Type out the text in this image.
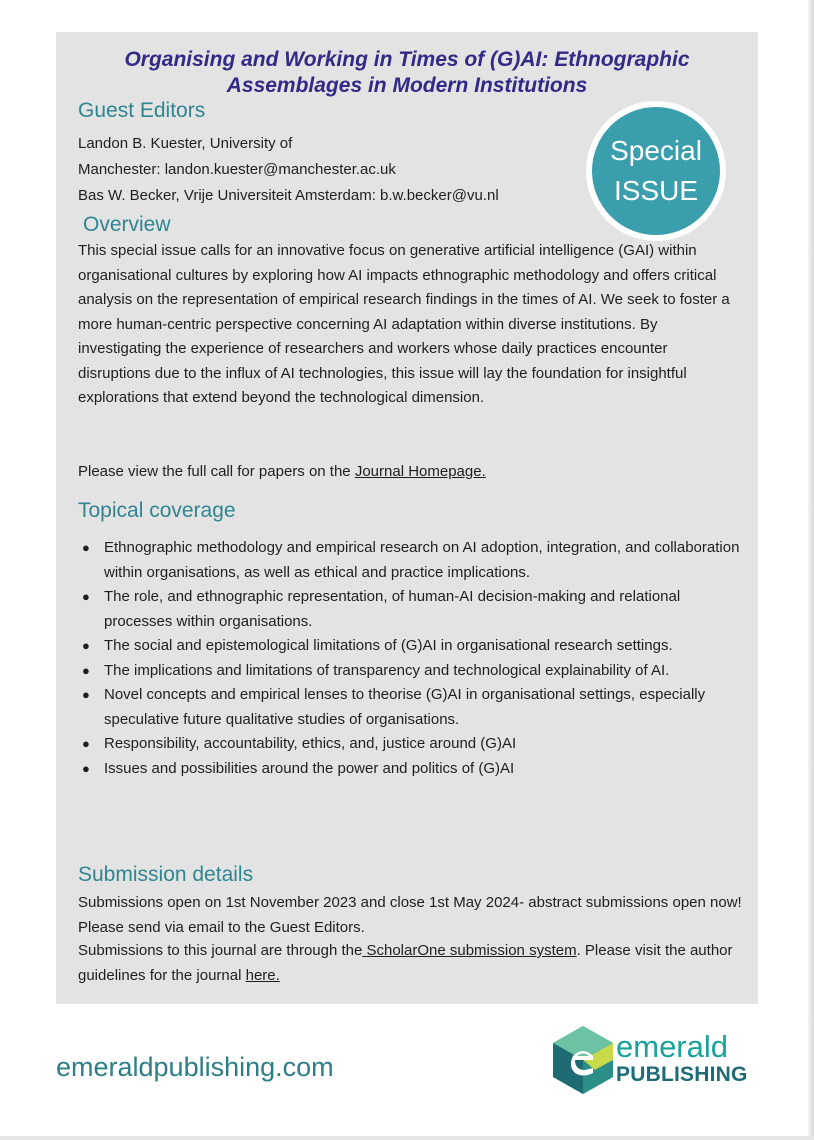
Organising and Working in Times of (G)AI: Ethnographic Assemblages in Modern Institutions
Guest Editors

Landon B. Kuester, University of

Manchester: landon.kuester@manchester.ac.uk

Bas W. Becker, Vrije Universiteit Amsterdam: b.w.becker@vu.nl

Special
ISSUE
Overview

This special issue calls for an innovative focus on generative artificial intelligence (GAI) within organisational cultures by exploring how AI impacts ethnographic methodology and offers critical analysis on the representation of empirical research findings in the times of AI. We seek to foster a more human-centric perspective concerning AI adaptation within diverse institutions. By investigating the experience of researchers and workers whose daily practices encounter disruptions due to the influx of AI technologies, this issue will lay the foundation for insightful explorations that extend beyond the technological dimension.

Please view the full call for papers on the Journal Homepage.

Topical coverage
● Ethnographic methodology and empirical research on AI adoption, integration, and collaboration within organisations, as well as ethical and practice implications.
● The role, and ethnographic representation, of human-AI decision-making and relational processes within organisations.
● The social and epistemological limitations of (G)AI in organisational research settings.
● The implications and limitations of transparency and technological explainability of AI.
● Novel concepts and empirical lenses to theorise (G)AI in organisational settings, especially speculative future qualitative studies of organisations.
● Responsibility, accountability, ethics, and, justice around (G)AI
● Issues and possibilities around the power and politics of (G)AI
Submission details

Submissions open on 1st November 2023 and close 1st May 2024- abstract submissions open now! Please send via email to the Guest Editors.

Submissions to this journal are through the ScholarOne submission system. Please visit the author guidelines for the journal here.

emeraldpublishing.com

emerald
PUBLISHING
